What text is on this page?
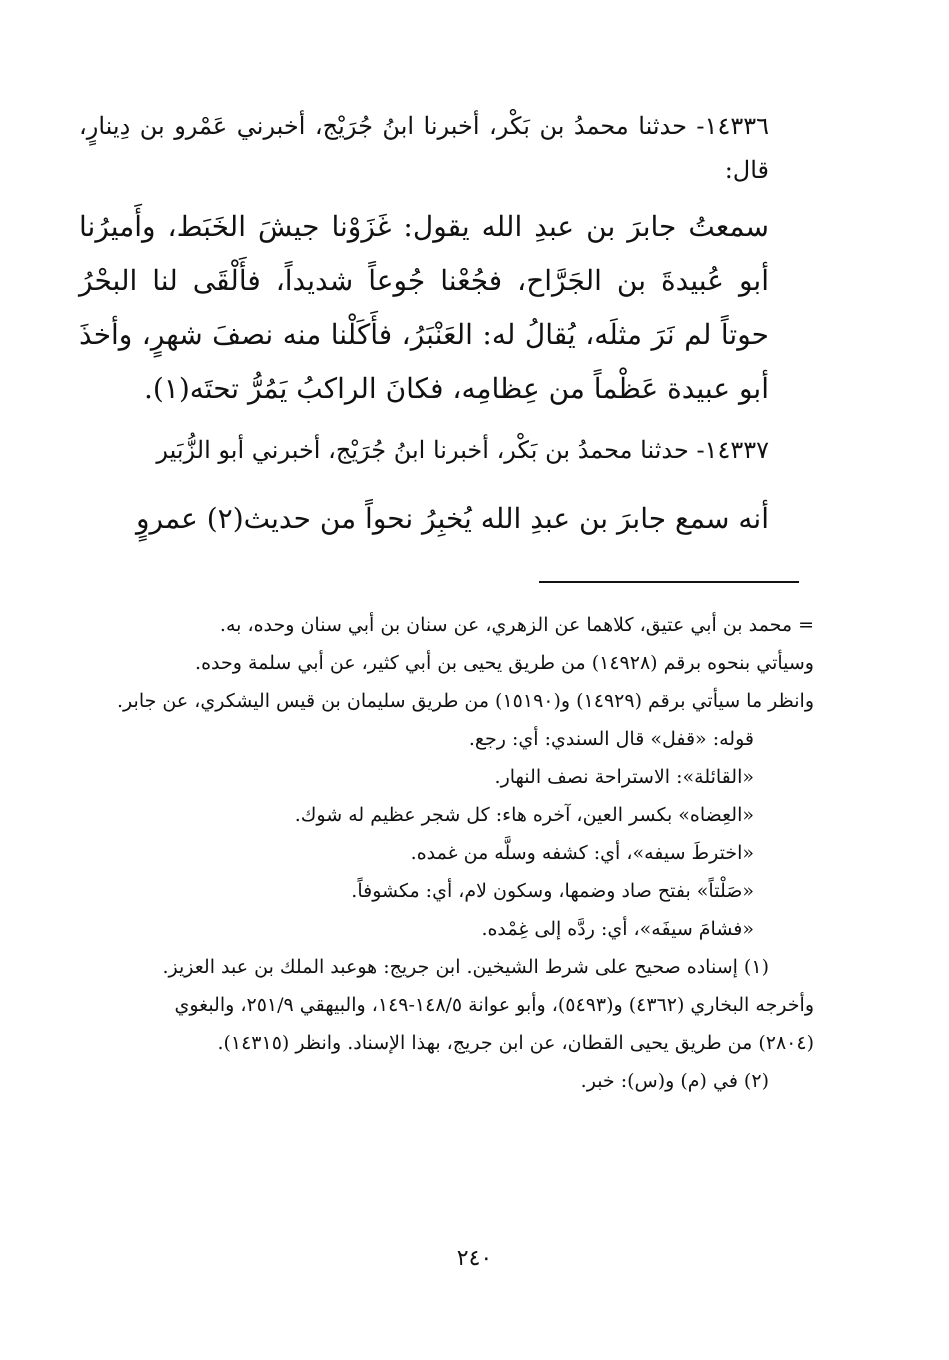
١٤٣٣٦- حدثنا محمدُ بن بَكْر، أخبرنا ابنُ جُرَيْج، أخبرني عَمْرو بن دِينارٍ، قال:
سمعتُ جابرَ بن عبدِ الله يقول: غَزَوْنا جيشَ الخَبَط، وأَميرُنا أبو عُبيدةَ بن الجَرَّاح، فجُعْنا جُوعاً شديداً، فأَلْقَى لنا البحْرُ حوتاً لم نَرَ مثلَه، يُقالُ له: العَنْبَرُ، فأَكَلْنا منه نصفَ شهرٍ، وأخذَ أبو عبيدة عَظْماً من عِظامِه، فكانَ الراكبُ يَمُرُّ تحتَه(١).
١٤٣٣٧- حدثنا محمدُ بن بَكْر، أخبرنا ابنُ جُرَيْج، أخبرني أبو الزُّبَير
أنه سمع جابرَ بن عبدِ الله يُخبِرُ نحواً من حديث(٢) عمروٍ

= محمد بن أبي عتيق، كلاهما عن الزهري، عن سنان بن أبي سنان وحده، به.

وسيأتي بنحوه برقم (١٤٩٢٨) من طريق يحيى بن أبي كثير، عن أبي سلمة وحده.

وانظر ما سيأتي برقم (١٤٩٢٩) و(١٥١٩٠) من طريق سليمان بن قيس اليشكري، عن جابر.

قوله: «قفل» قال السندي: أي: رجع.

«القائلة»: الاستراحة نصف النهار.

«العِضاه» بكسر العين، آخره هاء: كل شجر عظيم له شوك.

«اخترطَ سيفه»، أي: كشفه وسلَّه من غمده.

«صَلْتاً» بفتح صاد وضمها، وسكون لام، أي: مكشوفاً.

«فشامَ سيفَه»، أي: ردَّه إلى غِمْده.

(١) إسناده صحيح على شرط الشيخين. ابن جريج: هوعبد الملك بن عبد العزيز.

وأخرجه البخاري (٤٣٦٢) و(٥٤٩٣)، وأبو عوانة ١٤٨/٥-١٤٩، والبيهقي ٢٥١/٩، والبغوي (٢٨٠٤) من طريق يحيى القطان، عن ابن جريج، بهذا الإسناد. وانظر (١٤٣١٥).

(٢) في (م) و(س): خبر.

٢٤٠
